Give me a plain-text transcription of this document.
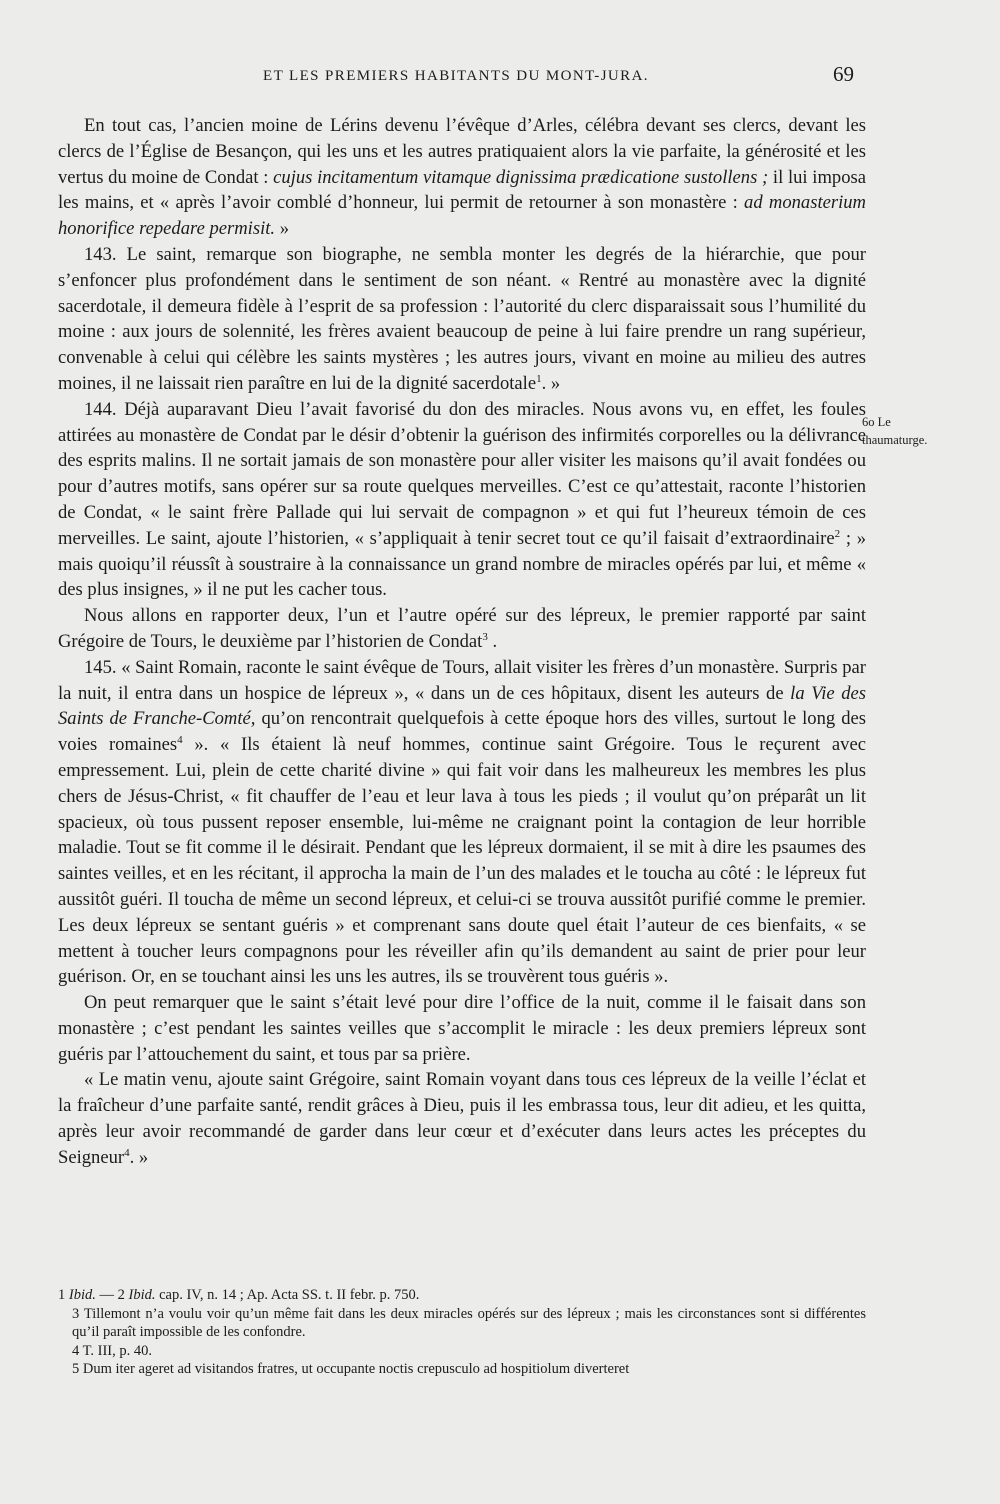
ET LES PREMIERS HABITANTS DU MONT-JURA.	69

En tout cas, l’ancien moine de Lérins devenu l’évêque d’Arles, célébra devant ses clercs, devant les clercs de l’Église de Besançon, qui les uns et les autres pratiquaient alors la vie parfaite, la générosité et les vertus du moine de Condat : cujus incitamentum vitamque dignissima prædicatione sustollens ; il lui imposa les mains, et « après l’avoir comblé d’honneur, lui permit de retourner à son monastère : ad monasterium honorifice repedare permisit. »

143. Le saint, remarque son biographe, ne sembla monter les degrés de la hiérarchie, que pour s’enfoncer plus profondément dans le sentiment de son néant. « Rentré au monastère avec la dignité sacerdotale, il demeura fidèle à l’esprit de sa profession : l’autorité du clerc disparaissait sous l’humilité du moine : aux jours de solennité, les frères avaient beaucoup de peine à lui faire prendre un rang supérieur, convenable à celui qui célèbre les saints mystères ; les autres jours, vivant en moine au milieu des autres moines, il ne laissait rien paraître en lui de la dignité sacerdotale$^1$. »

144. Déjà auparavant Dieu l’avait favorisé du don des miracles. Nous avons vu, en effet, les foules attirées au monastère de Condat par le désir d’obtenir la guérison des infirmités corporelles ou la délivrance des esprits malins. Il ne sortait jamais de son monastère pour aller visiter les maisons qu’il avait fondées ou pour d’autres motifs, sans opérer sur sa route quelques merveilles. C’est ce qu’attestait, raconte l’historien de Condat, « le saint frère Pallade qui lui servait de compagnon » et qui fut l’heureux témoin de ces merveilles. Le saint, ajoute l’historien, « s’appliquait à tenir secret tout ce qu’il faisait d’extraordinaire$^2$ ; » mais quoiqu’il réussît à soustraire à la connaissance un grand nombre de miracles opérés par lui, et même « des plus insignes, » il ne put les cacher tous.

Nous allons en rapporter deux, l’un et l’autre opéré sur des lépreux, le premier rapporté par saint Grégoire de Tours, le deuxième par l’historien de Condat$^3$ .

145. « Saint Romain, raconte le saint évêque de Tours, allait visiter les frères d’un monastère. Surpris par la nuit, il entra dans un hospice de lépreux », « dans un de ces hôpitaux, disent les auteurs de la Vie des Saints de Franche-Comté, qu’on rencontrait quelquefois à cette époque hors des villes, surtout le long des voies romaines$^4$ ». « Ils étaient là neuf hommes, continue saint Grégoire. Tous le reçurent avec empressement. Lui, plein de cette charité divine » qui fait voir dans les malheureux les membres les plus chers de Jésus-Christ, « fit chauffer de l’eau et leur lava à tous les pieds ; il voulut qu’on préparât un lit spacieux, où tous pussent reposer ensemble, lui-même ne craignant point la contagion de leur horrible maladie. Tout se fit comme il le désirait. Pendant que les lépreux dormaient, il se mit à dire les psaumes des saintes veilles, et en les récitant, il approcha la main de l’un des malades et le toucha au côté : le lépreux fut aussitôt guéri. Il toucha de même un second lépreux, et celui-ci se trouva aussitôt purifié comme le premier. Les deux lépreux se sentant guéris » et comprenant sans doute quel était l’auteur de ces bienfaits, « se mettent à toucher leurs compagnons pour les réveiller afin qu’ils demandent au saint de prier pour leur guérison. Or, en se touchant ainsi les uns les autres, ils se trouvèrent tous guéris ».

On peut remarquer que le saint s’était levé pour dire l’office de la nuit, comme il le faisait dans son monastère ; c’est pendant les saintes veilles que s’accomplit le miracle : les deux premiers lépreux sont guéris par l’attouchement du saint, et tous par sa prière.

« Le matin venu, ajoute saint Grégoire, saint Romain voyant dans tous ces lépreux de la veille l’éclat et la fraîcheur d’une parfaite santé, rendit grâces à Dieu, puis il les embrassa tous, leur dit adieu, et les quitta, après leur avoir recommandé de garder dans leur cœur et d’exécuter dans leurs actes les préceptes du Seigneur$^4$. »

6o Le thaumaturge.

1 Ibid. — 2 Ibid. cap. IV, n. 14 ; Ap. Acta SS. t. II febr. p. 750.

3 Tillemont n’a voulu voir qu’un même fait dans les deux miracles opérés sur des lépreux ; mais les circonstances sont si différentes qu’il paraît impossible de les confondre.

4 T. III, p. 40.

5 Dum iter ageret ad visitandos fratres, ut occupante noctis crepusculo ad hospitiolum diverteret
